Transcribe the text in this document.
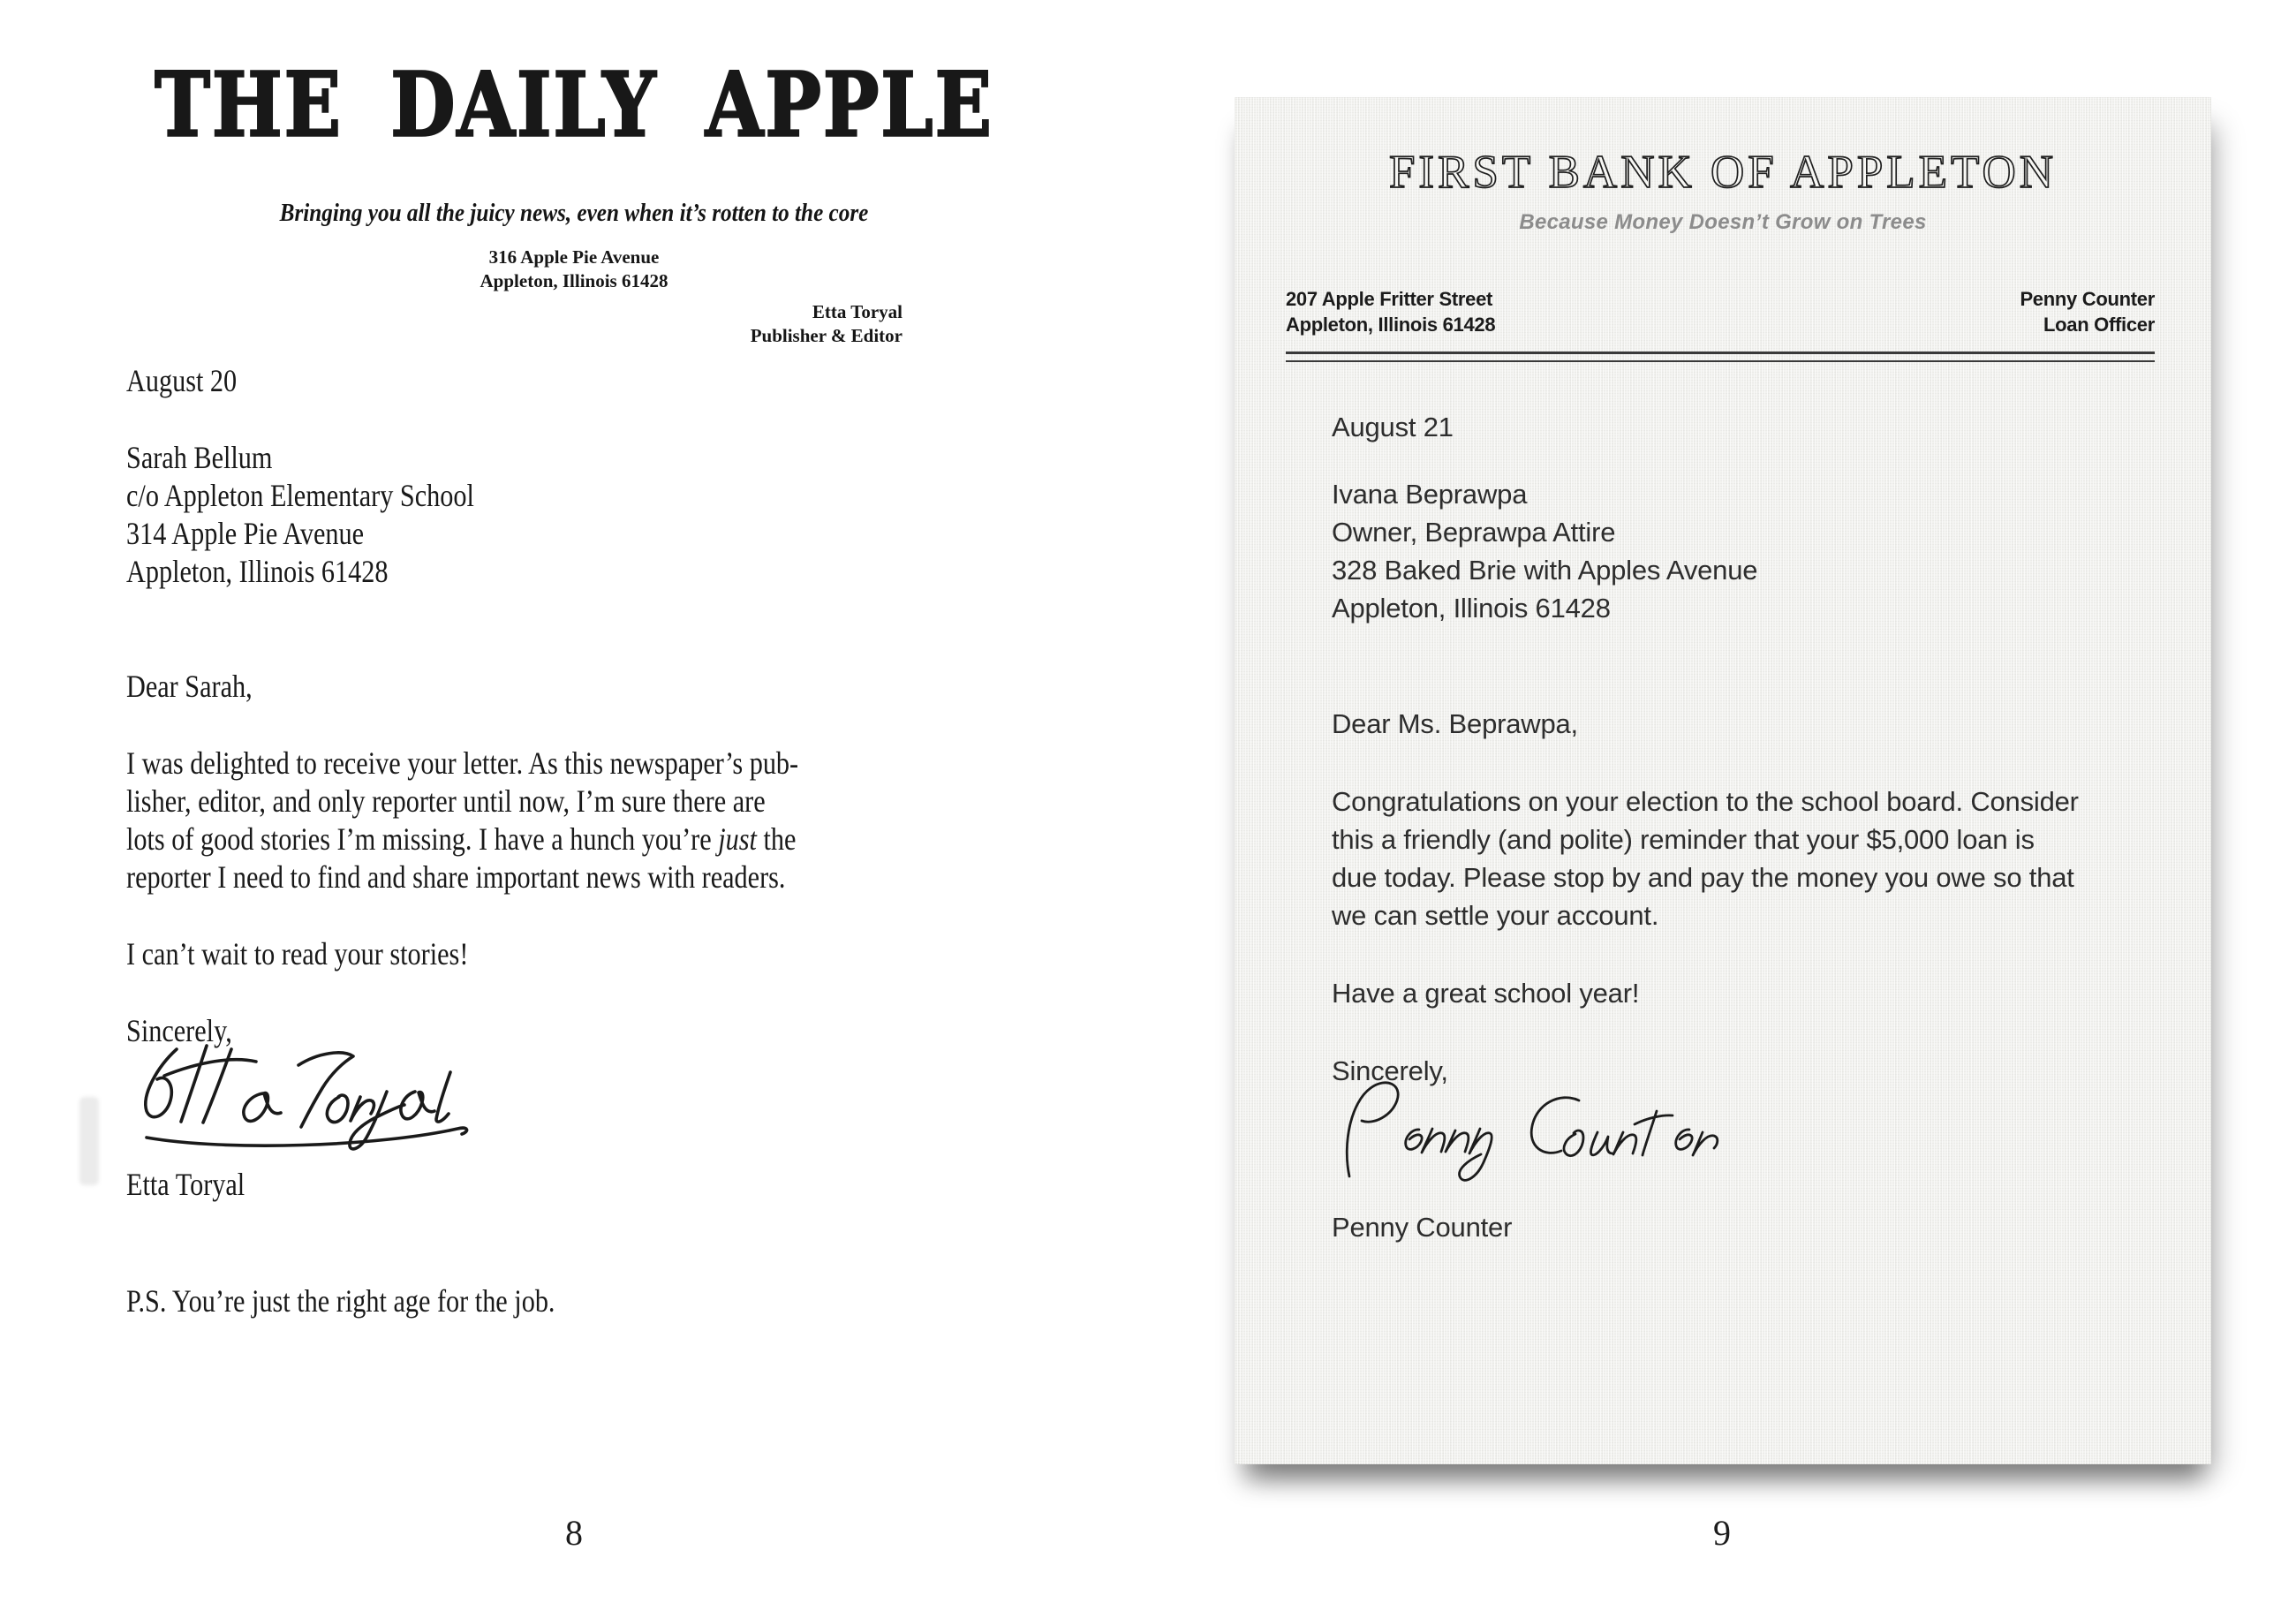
THE DAILY APPLE
Bringing you all the juicy news, even when it’s rotten to the core
316 Apple Pie Avenue
Appleton, Illinois 61428
Etta Toryal
Publisher & Editor
August 20
Sarah Bellum
c/o Appleton Elementary School
314 Apple Pie Avenue
Appleton, Illinois 61428
Dear Sarah,
I was delighted to receive your letter. As this newspaper’s pub-
lisher, editor, and only reporter until now, I’m sure there are
lots of good stories I’m missing. I have a hunch you’re just the
reporter I need to find and share important news with readers.
I can’t wait to read your stories!
Sincerely,
Etta Toryal
P.S. You’re just the right age for the job.
8
FIRST BANK OF APPLETON
Because Money Doesn’t Grow on Trees
207 Apple Fritter Street
Appleton, Illinois 61428
Penny Counter
Loan Officer
August 21
Ivana Beprawpa
Owner, Beprawpa Attire
328 Baked Brie with Apples Avenue
Appleton, Illinois 61428
Dear Ms. Beprawpa,
Congratulations on your election to the school board. Consider
this a friendly (and polite) reminder that your $5,000 loan is
due today. Please stop by and pay the money you owe so that
we can settle your account.
Have a great school year!
Sincerely,
Penny Counter
9
